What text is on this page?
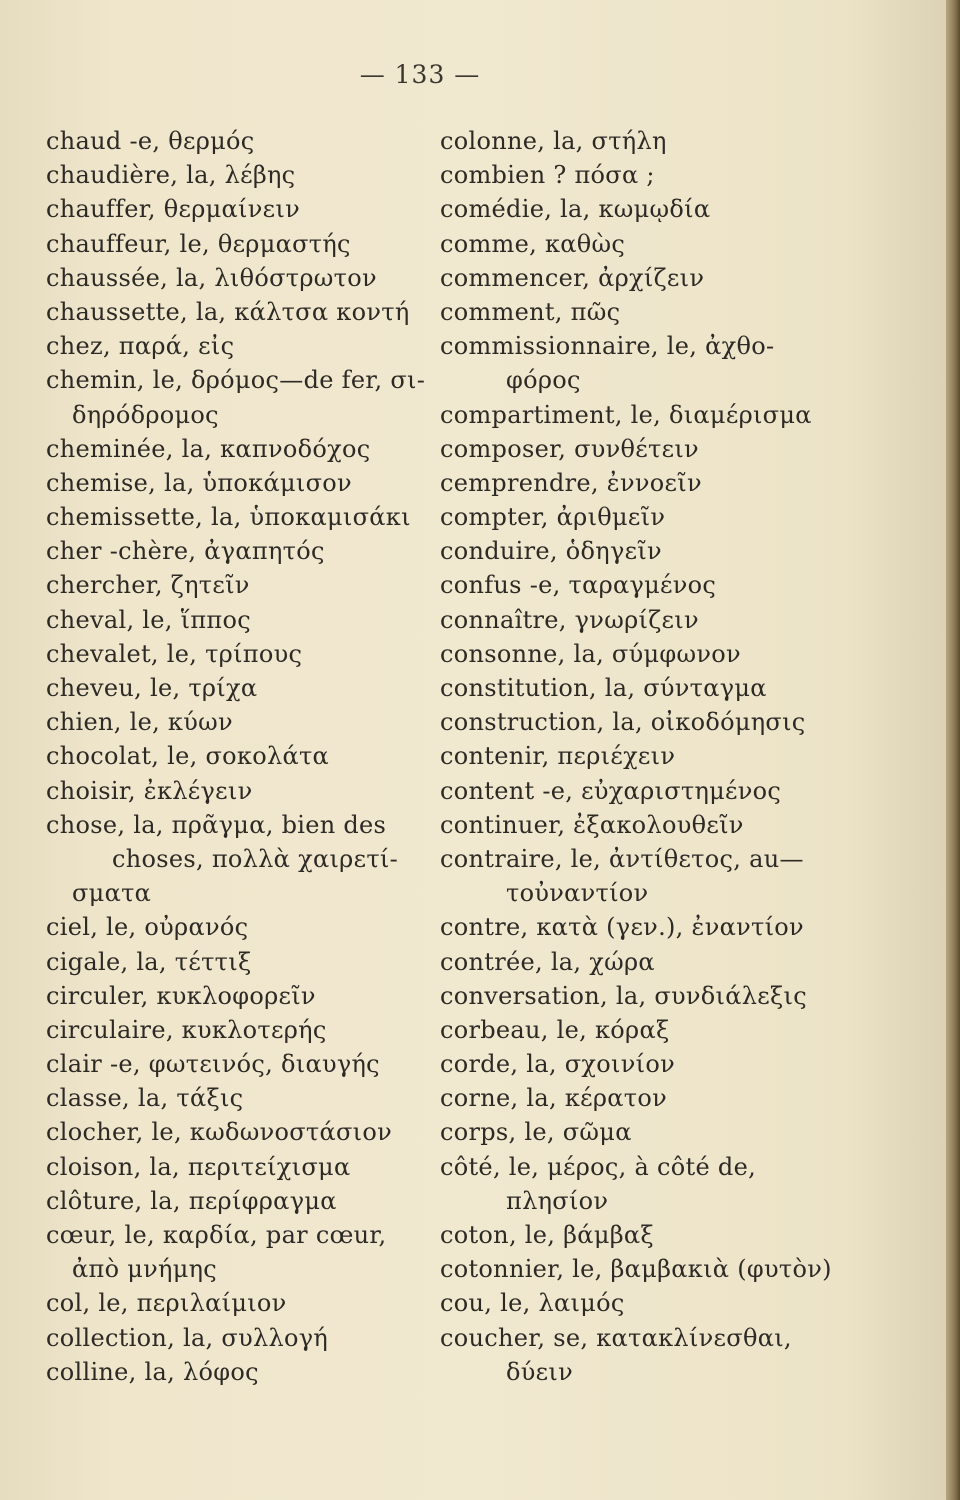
— 133 —
chaud -e, θερμός
chaudière, la, λέβης
chauffer, θερμαίνειν
chauffeur, le, θερμαστής
chaussée, la, λιθόστρωτον
chaussette, la, κάλτσα κοντή
chez, παρά, εἰς
chemin, le, δρόμος—de fer, σι-
δηρόδρομος
cheminée, la, καπνοδόχος
chemise, la, ὑποκάμισον
chemissette, la, ὑποκαμισάκι
cher -chère, ἀγαπητός
chercher, ζητεῖν
cheval, le, ἵππος
chevalet, le, τρίπους
cheveu, le, τρίχα
chien, le, κύων
chocolat, le, σοκολάτα
choisir, ἐκλέγειν
chose, la, πρᾶγμα, bien des
choses, πολλὰ χαιρετί-
σματα
ciel, le, οὐρανός
cigale, la, τέττιξ
circuler, κυκλοφορεῖν
circulaire, κυκλοτερής
clair -e, φωτεινός, διαυγής
classe, la, τάξις
clocher, le, κωδωνοστάσιον
cloison, la, περιτείχισμα
clôture, la, περίφραγμα
cœur, le, καρδία, par cœur,
ἀπὸ μνήμης
col, le, περιλαίμιον
collection, la, συλλογή
colline, la, λόφος
colonne, la, στήλη
combien ? πόσα ;
comédie, la, κωμῳδία
comme, καθὼς
commencer, ἀρχίζειν
comment, πῶς
commissionnaire, le, ἀχθο-
φόρος
compartiment, le, διαμέρισμα
composer, συνθέτειν
cemprendre, ἐννοεῖν
compter, ἀριθμεῖν
conduire, ὁδηγεῖν
confus -e, ταραγμένος
connaître, γνωρίζειν
consonne, la, σύμφωνον
constitution, la, σύνταγμα
construction, la, οἰκοδόμησις
contenir, περιέχειν
content -e, εὐχαριστημένος
continuer, ἐξακολουθεῖν
contraire, le, ἀντίθετος, au—
τοὐναντίον
contre, κατὰ (γεν.), ἐναντίον
contrée, la, χώρα
conversation, la, συνδιάλεξις
corbeau, le, κόραξ
corde, la, σχοινίον
corne, la, κέρατον
corps, le, σῶμα
côté, le, μέρος, à côté de,
πλησίον
coton, le, βάμβαξ
cotonnier, le, βαμβακιὰ (φυτὸν)
cou, le, λαιμός
coucher, se, κατακλίνεσθαι,
δύειν
